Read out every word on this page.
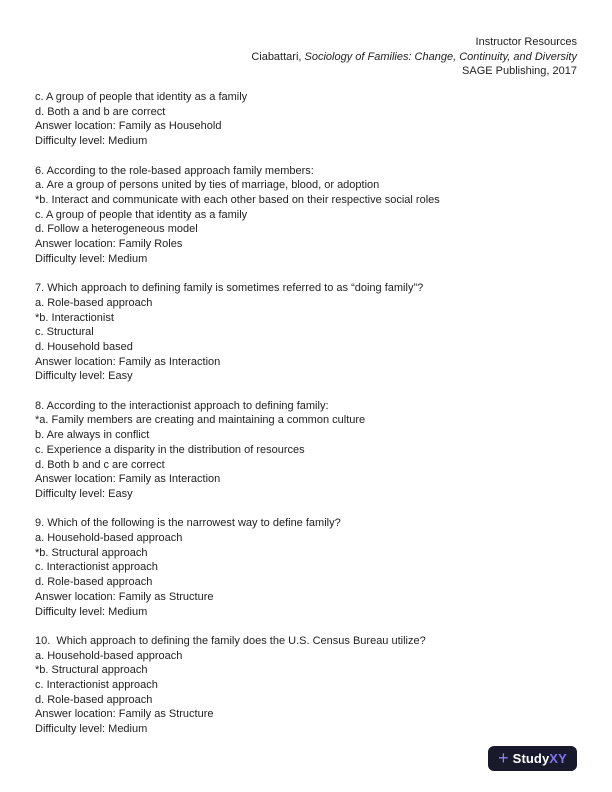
Instructor Resources
Ciabattari, Sociology of Families: Change, Continuity, and Diversity
SAGE Publishing, 2017

c. A group of people that identity as a family
d. Both a and b are correct
Answer location: Family as Household
Difficulty level: Medium

6. According to the role-based approach family members:
a. Are a group of persons united by ties of marriage, blood, or adoption
*b. Interact and communicate with each other based on their respective social roles
c. A group of people that identity as a family
d. Follow a heterogeneous model
Answer location: Family Roles
Difficulty level: Medium

7. Which approach to defining family is sometimes referred to as “doing family”?
a. Role-based approach
*b. Interactionist
c. Structural
d. Household based
Answer location: Family as Interaction
Difficulty level: Easy

8. According to the interactionist approach to defining family:
*a. Family members are creating and maintaining a common culture
b. Are always in conflict
c. Experience a disparity in the distribution of resources
d. Both b and c are correct
Answer location: Family as Interaction
Difficulty level: Easy

9. Which of the following is the narrowest way to define family?
a. Household-based approach
*b. Structural approach
c. Interactionist approach
d. Role-based approach
Answer location: Family as Structure
Difficulty level: Medium

10.  Which approach to defining the family does the U.S. Census Bureau utilize?
a. Household-based approach
*b. Structural approach
c. Interactionist approach
d. Role-based approach
Answer location: Family as Structure
Difficulty level: Medium

+ StudyXY
